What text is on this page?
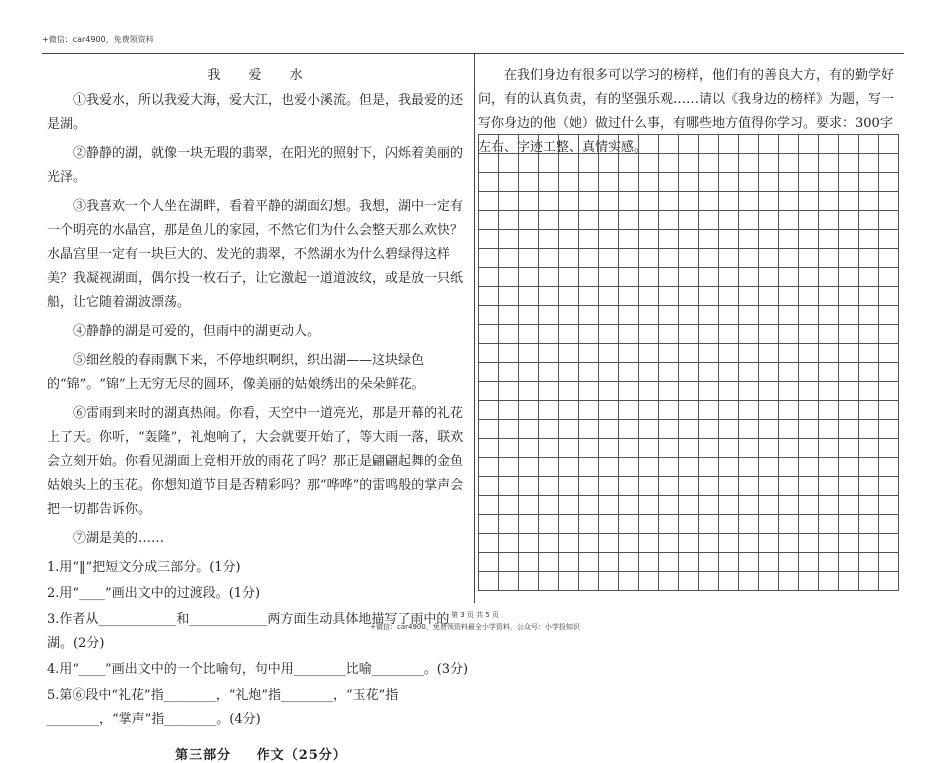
+微信：car4900，免费领资料
我 爱 水

①我爱水，所以我爱大海，爱大江，也爱小溪流。但是，我最爱的还是湖。

②静静的湖，就像一块无瑕的翡翠，在阳光的照射下，闪烁着美丽的光泽。

③我喜欢一个人坐在湖畔，看着平静的湖面幻想。我想，湖中一定有一个明亮的水晶宫，那是鱼儿的家园，不然它们为什么会整天那么欢快？水晶宫里一定有一块巨大的、发光的翡翠，不然湖水为什么碧绿得这样美？我凝视湖面，偶尔投一枚石子，让它激起一道道波纹，或是放一只纸船，让它随着湖波漂荡。

④静静的湖是可爱的，但雨中的湖更动人。

⑤细丝般的春雨飘下来，不停地织啊织，织出湖——这块绿色的“锦”。“锦”上无穷无尽的圆环，像美丽的姑娘绣出的朵朵鲜花。

⑥雷雨到来时的湖真热闹。你看，天空中一道亮光，那是开幕的礼花上了天。你听，“轰隆”，礼炮响了，大会就要开始了，等大雨一落，联欢会立刻开始。你看见湖面上竞相开放的雨花了吗？那正是翩翩起舞的金鱼姑娘头上的玉花。你想知道节目是否精彩吗？那“哗哗”的雷鸣般的掌声会把一切都告诉你。

⑦湖是美的……

1.用“‖”把短文分成三部分。(1分)

2.用“____”画出文中的过渡段。(1分)

3.作者从____________和____________两方面生动具体地描写了雨中的湖。(2分)

4.用“____”画出文中的一个比喻句，句中用________比喻________。(3分)

5.第⑥段中“礼花”指________，“礼炮”指________，“玉花”指________，“掌声”指________。(4分)

第三部分 作文（25分）

在我们身边有很多可以学习的榜样，他们有的善良大方，有的勤学好问，有的认真负责，有的坚强乐观……请以《我身边的榜样》为题，写一写你身边的他（她）做过什么事，有哪些地方值得你学习。要求：300字左右、字迹工整、真情实感。

第 3 页 共 5 页
+微信：car4900，免费领资料最全小学资料，公众号：小学捡知识
